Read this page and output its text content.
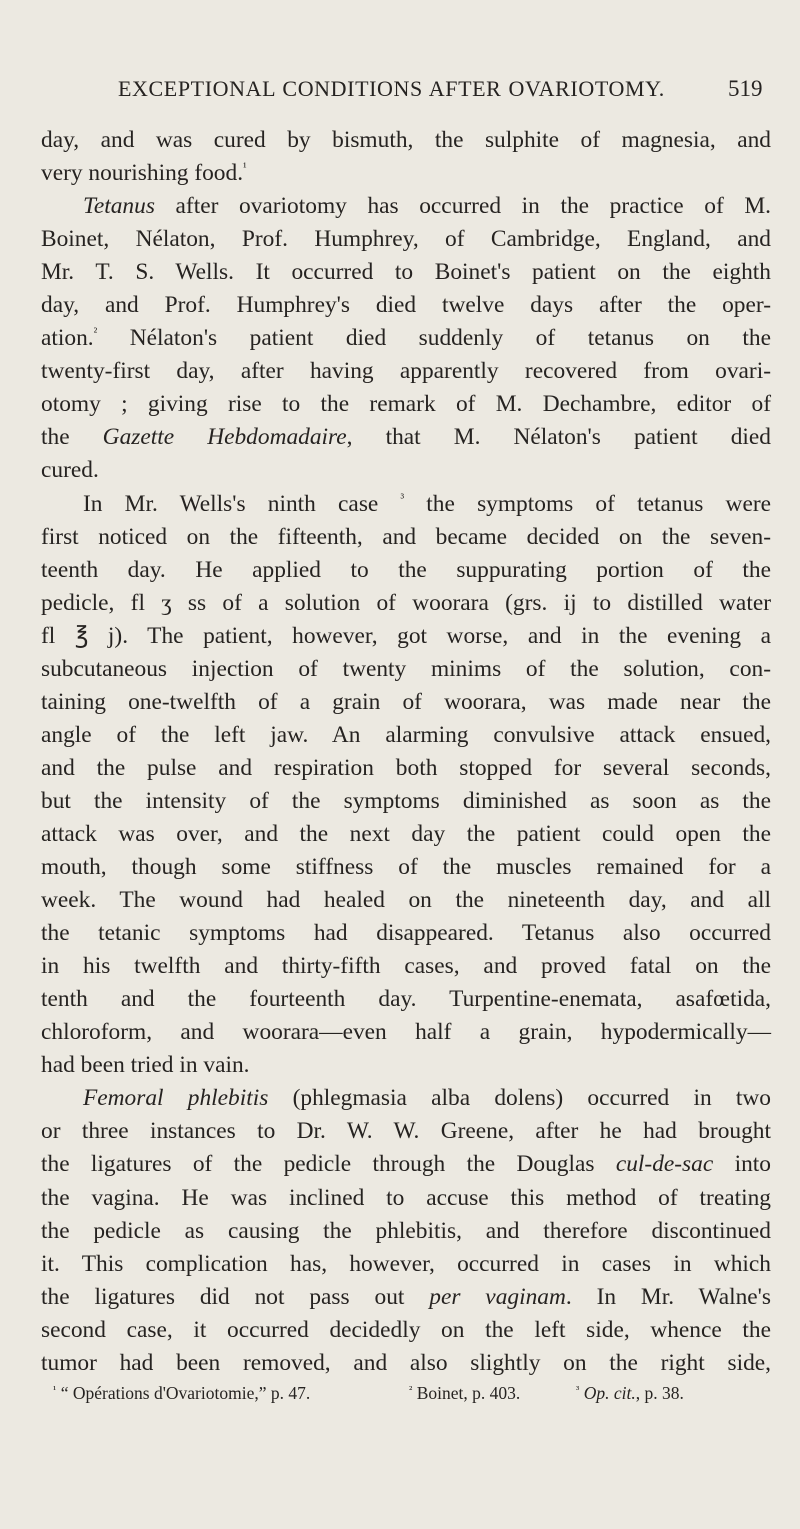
EXCEPTIONAL CONDITIONS AFTER OVARIOTOMY.	519
day, and was cured by bismuth, the sulphite of magnesia, and
very nourishing food.$^{^1}$
Tetanus after ovariotomy has occurred in the practice of M.
Boinet, Nélaton, Prof. Humphrey, of Cambridge, England, and
Mr. T. S. Wells. It occurred to Boinet's patient on the eighth
day, and Prof. Humphrey's died twelve days after the oper-
ation.$^{^2}$ Nélaton's patient died suddenly of tetanus on the
twenty-first day, after having apparently recovered from ovari-
otomy ; giving rise to the remark of M. Dechambre, editor of
the Gazette Hebdomadaire, that M. Nélaton's patient died
cured.
In Mr. Wells's ninth case $^{^3}$ the symptoms of tetanus were
first noticed on the fifteenth, and became decided on the seven-
teenth day. He applied to the suppurating portion of the
pedicle, fl ʒ ss of a solution of woorara (grs. ij to distilled water
fl ℥ j). The patient, however, got worse, and in the evening a
subcutaneous injection of twenty minims of the solution, con-
taining one-twelfth of a grain of woorara, was made near the
angle of the left jaw. An alarming convulsive attack ensued,
and the pulse and respiration both stopped for several seconds,
but the intensity of the symptoms diminished as soon as the
attack was over, and the next day the patient could open the
mouth, though some stiffness of the muscles remained for a
week. The wound had healed on the nineteenth day, and all
the tetanic symptoms had disappeared. Tetanus also occurred
in his twelfth and thirty-fifth cases, and proved fatal on the
tenth and the fourteenth day. Turpentine-enemata, asafœtida,
chloroform, and woorara—even half a grain, hypodermically—
had been tried in vain.
Femoral phlebitis (phlegmasia alba dolens) occurred in two
or three instances to Dr. W. W. Greene, after he had brought
the ligatures of the pedicle through the Douglas cul-de-sac into
the vagina. He was inclined to accuse this method of treating
the pedicle as causing the phlebitis, and therefore discontinued
it. This complication has, however, occurred in cases in which
the ligatures did not pass out per vaginam. In Mr. Walne's
second case, it occurred decidedly on the left side, whence the
tumor had been removed, and also slightly on the right side,
$^{^1}$ “ Opérations d'Ovariotomie,” p. 47.	$^{^2}$ Boinet, p. 403.	$^{^3}$ Op. cit., p. 38.
